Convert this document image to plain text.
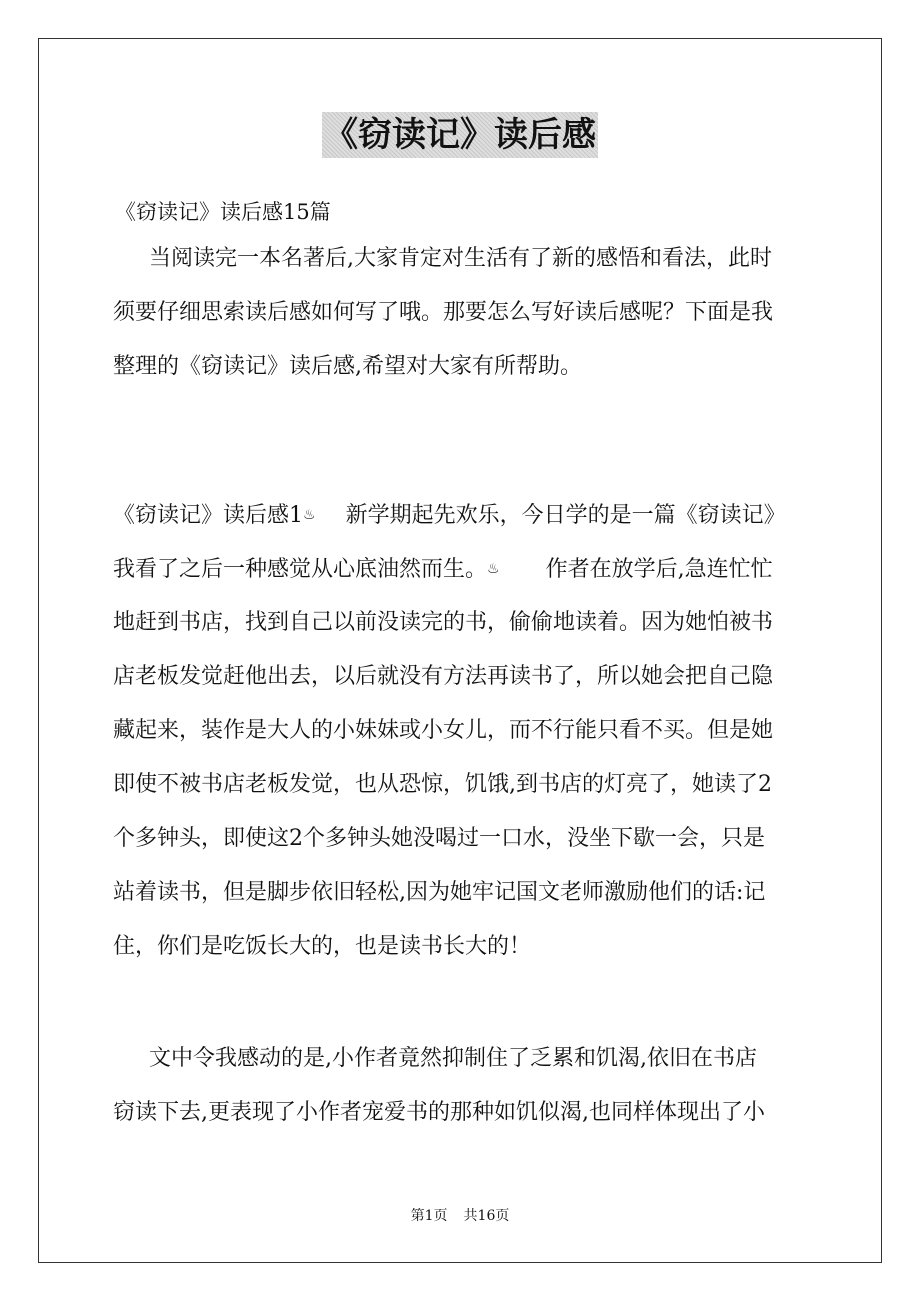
《窃读记》读后感
《窃读记》读后感15篇
当阅读完一本名著后,大家肯定对生活有了新的感悟和看法，此时
须要仔细思索读后感如何写了哦。那要怎么写好读后感呢？下面是我
整理的《窃读记》读后感,希望对大家有所帮助。
《窃读记》读后感1♨ 新学期起先欢乐，今日学的是一篇《窃读记》
我看了之后一种感觉从心底油然而生。♨ 作者在放学后,急连忙忙
地赶到书店，找到自己以前没读完的书，偷偷地读着。因为她怕被书
店老板发觉赶他出去，以后就没有方法再读书了，所以她会把自己隐
藏起来，装作是大人的小妹妹或小女儿，而不行能只看不买。但是她
即使不被书店老板发觉，也从恐惊，饥饿,到书店的灯亮了，她读了2
个多钟头，即使这2个多钟头她没喝过一口水，没坐下歇一会，只是
站着读书，但是脚步依旧轻松,因为她牢记国文老师激励他们的话:记
住，你们是吃饭长大的，也是读书长大的！
文中令我感动的是,小作者竟然抑制住了乏累和饥渴,依旧在书店
窃读下去,更表现了小作者宠爱书的那种如饥似渴,也同样体现出了小
第1页 共16页
